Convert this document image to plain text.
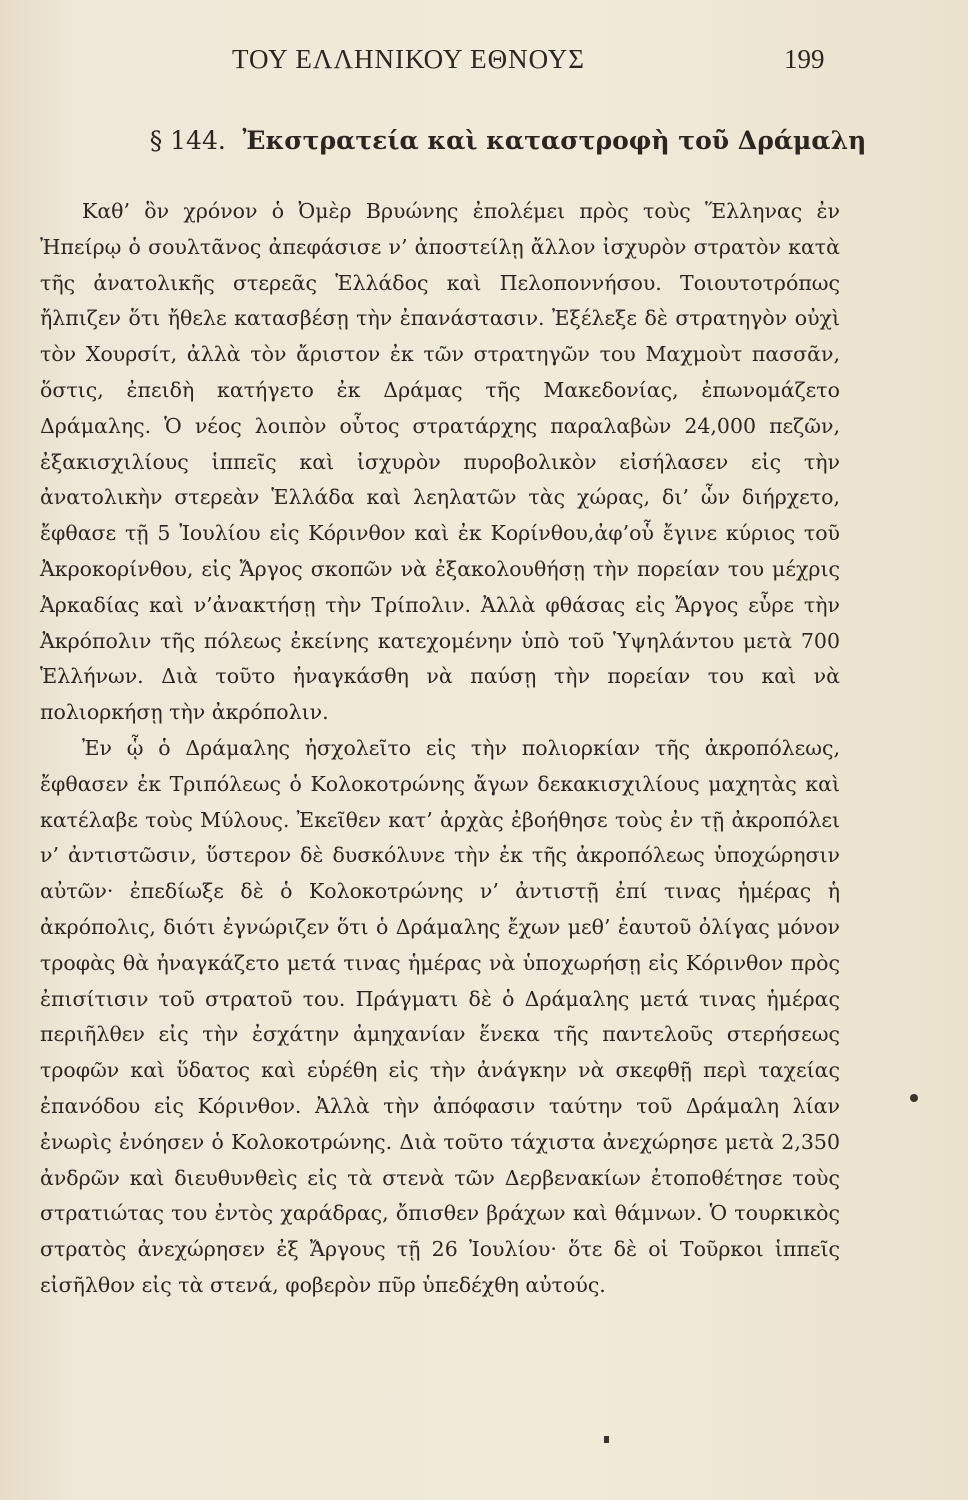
ΤΟΥ ΕΛΛΗΝΙΚΟΥ ΕΘΝΟΥΣ	199
§ 144. Ἐκστρατεία καὶ καταστροφὴ τοῦ Δράμαλη

Καθ’ ὃν χρόνον ὁ Ὀμὲρ Βρυώνης ἐπολέμει πρὸς τοὺς Ἕλληνας ἐν Ἠπείρῳ ὁ σουλτᾶνος ἀπεφάσισε ν’ ἀποστείλῃ ἄλλον ἰσχυρὸν στρατὸν κατὰ τῆς ἀνατολικῆς στερεᾶς Ἑλλάδος καὶ Πελοποννήσου. Τοιουτοτρόπως ἤλπιζεν ὅτι ἤθελε κατασβέσῃ τὴν ἐπανάστασιν. Ἐξέλεξε δὲ στρατηγὸν οὐχὶ τὸν Χουρσίτ, ἀλλὰ τὸν ἄριστον ἐκ τῶν στρατηγῶν του Μαχμοὺτ πασσᾶν, ὅστις, ἐπειδὴ κατήγετο ἐκ Δράμας τῆς Μακεδονίας, ἐπωνομάζετο Δράμαλης. Ὁ νέος λοιπὸν οὗτος στρατάρχης παραλαβὼν 24,000 πεζῶν, ἐξακισχιλίους ἱππεῖς καὶ ἰσχυρὸν πυροβολικὸν εἰσήλασεν εἰς τὴν ἀνατολικὴν στερεὰν Ἑλλάδα καὶ λεηλατῶν τὰς χώρας, δι’ ὧν διήρχετο, ἔφθασε τῇ 5 Ἰουλίου εἰς Κόρινθον καὶ ἐκ Κορίνθου,ἀφ’οὗ ἔγινε κύριος τοῦ Ἀκροκορίνθου, εἰς Ἄργος σκοπῶν νὰ ἐξακολουθήσῃ τὴν πορείαν του μέχρις Ἀρκαδίας καὶ ν’ἀνακτήσῃ τὴν Τρίπολιν. Ἀλλὰ φθάσας εἰς Ἄργος εὗρε τὴν Ἀκρόπολιν τῆς πόλεως ἐκείνης κατεχομένην ὑπὸ τοῦ Ὑψηλάντου μετὰ 700 Ἑλλήνων. Διὰ τοῦτο ἠναγκάσθη νὰ παύσῃ τὴν πορείαν του καὶ νὰ πολιορκήσῃ τὴν ἀκρόπολιν.

Ἐν ᾧ ὁ Δράμαλης ἠσχολεῖτο εἰς τὴν πολιορκίαν τῆς ἀκροπόλεως, ἔφθασεν ἐκ Τριπόλεως ὁ Κολοκοτρώνης ἄγων δεκακισχιλίους μαχητὰς καὶ κατέλαβε τοὺς Μύλους. Ἐκεῖθεν κατ’ ἀρχὰς ἐβοήθησε τοὺς ἐν τῇ ἀκροπόλει ν’ ἀντιστῶσιν, ὕστερον δὲ δυσκόλυνε τὴν ἐκ τῆς ἀκροπόλεως ὑποχώρησιν αὐτῶν· ἐπεδίωξε δὲ ὁ Κολοκοτρώνης ν’ ἀντιστῇ ἐπί τινας ἡμέρας ἡ ἀκρόπολις, διότι ἐγνώριζεν ὅτι ὁ Δράμαλης ἔχων μεθ’ ἑαυτοῦ ὀλίγας μόνον τροφὰς θὰ ἠναγκάζετο μετά τινας ἡμέρας νὰ ὑποχωρήσῃ εἰς Κόρινθον πρὸς ἐπισίτισιν τοῦ στρατοῦ του. Πράγματι δὲ ὁ Δράμαλης μετά τινας ἡμέρας περιῆλθεν εἰς τὴν ἐσχάτην ἀμηχανίαν ἕνεκα τῆς παντελοῦς στερήσεως τροφῶν καὶ ὕδατος καὶ εὑρέθη εἰς τὴν ἀνάγκην νὰ σκεφθῇ περὶ ταχείας ἐπανόδου εἰς Κόρινθον. Ἀλλὰ τὴν ἀπόφασιν ταύτην τοῦ Δράμαλη λίαν ἐνωρὶς ἐνόησεν ὁ Κολοκοτρώνης. Διὰ τοῦτο τάχιστα ἀνεχώρησε μετὰ 2,350 ἀνδρῶν καὶ διευθυνθεὶς εἰς τὰ στενὰ τῶν Δερβενακίων ἐτοποθέτησε τοὺς στρατιώτας του ἐντὸς χαράδρας, ὄπισθεν βράχων καὶ θάμνων. Ὁ τουρκικὸς στρατὸς ἀνεχώρησεν ἐξ Ἄργους τῇ 26 Ἰουλίου· ὅτε δὲ οἱ Τοῦρκοι ἱππεῖς εἰσῆλθον εἰς τὰ στενά, φοβερὸν πῦρ ὑπεδέχθη αὐτούς.
